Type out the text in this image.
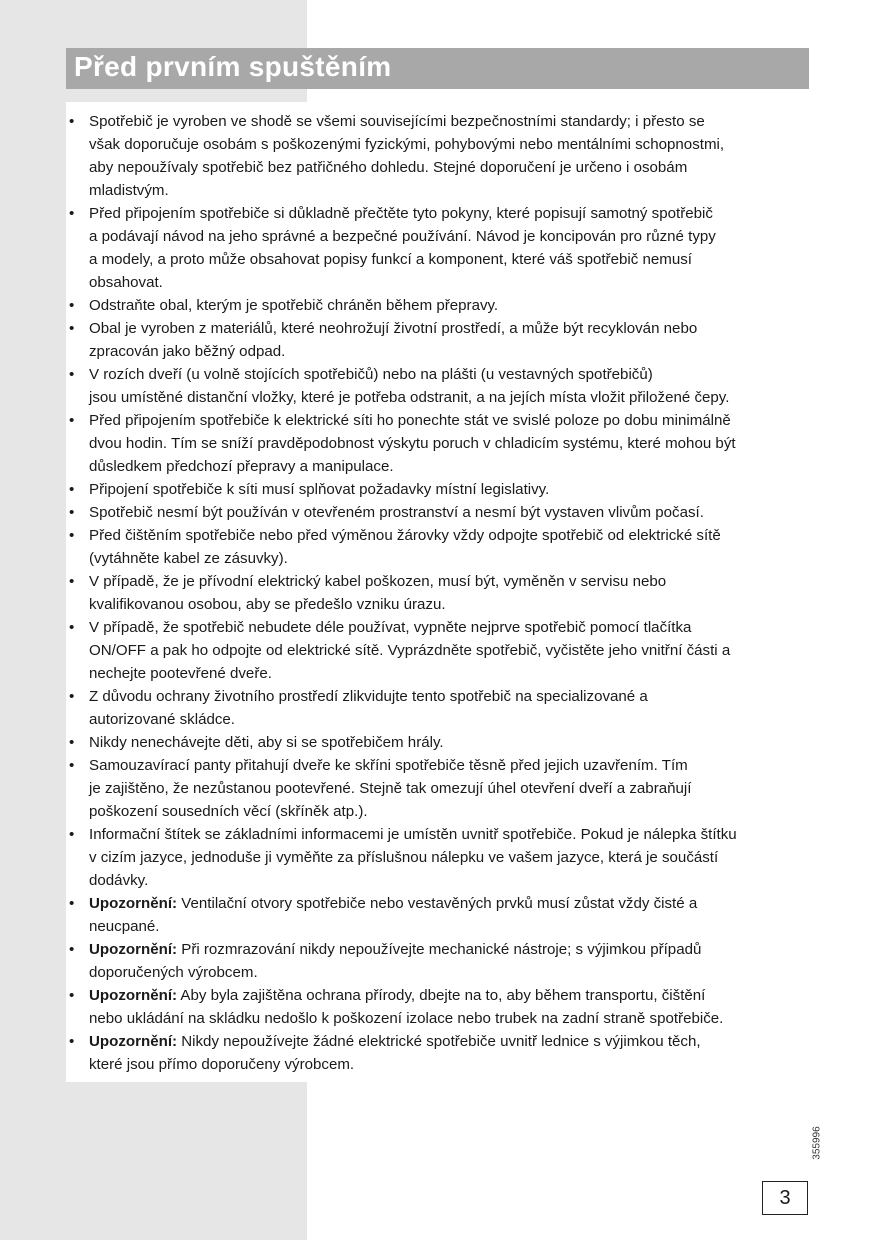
Před prvním spuštěním
• Spotřebič je vyroben ve shodě se všemi souvisejícími bezpečnostními standardy; i přesto se
však doporučuje osobám s poškozenými fyzickými, pohybovými nebo mentálními schopnostmi,
aby nepoužívaly spotřebič bez patřičného dohledu. Stejné doporučení je určeno i osobám
mladistvým.
• Před připojením spotřebiče si důkladně přečtěte tyto pokyny, které popisují samotný spotřebič
a podávají návod na jeho správné a bezpečné používání. Návod je koncipován pro různé typy
a modely, a proto může obsahovat popisy funkcí a komponent, které váš spotřebič nemusí
obsahovat.
• Odstraňte obal, kterým je spotřebič chráněn během přepravy.
• Obal je vyroben z materiálů, které neohrožují životní prostředí, a může být recyklován nebo
zpracován jako běžný odpad.
• V rozích dveří (u volně stojících spotřebičů) nebo na plášti (u vestavných spotřebičů)
jsou umístěné distanční vložky, které je potřeba odstranit, a na jejích místa vložit přiložené čepy.
• Před připojením spotřebiče k elektrické síti ho ponechte stát ve svislé poloze po dobu minimálně
dvou hodin. Tím se sníží pravděpodobnost výskytu poruch v chladicím systému, které mohou být
důsledkem předchozí přepravy a manipulace.
• Připojení spotřebiče k síti musí splňovat požadavky místní legislativy.
• Spotřebič nesmí být používán v otevřeném prostranství a nesmí být vystaven vlivům počasí.
• Před čištěním spotřebiče nebo před výměnou žárovky vždy odpojte spotřebič od elektrické sítě
(vytáhněte kabel ze zásuvky).
• V případě, že je přívodní elektrický kabel poškozen, musí být, vyměněn v servisu nebo
kvalifikovanou osobou, aby se předešlo vzniku úrazu.
• V případě, že spotřebič nebudete déle používat, vypněte nejprve spotřebič pomocí tlačítka
ON/OFF a pak ho odpojte od elektrické sítě. Vyprázdněte spotřebič, vyčistěte jeho vnitřní části a
nechejte pootevřené dveře.
• Z důvodu ochrany životního prostředí zlikvidujte tento spotřebič na specializované a
autorizované skládce.
• Nikdy nenechávejte děti, aby si se spotřebičem hrály.
• Samouzavírací panty přitahují dveře ke skříni spotřebiče těsně před jejich uzavřením. Tím
je zajištěno, že nezůstanou pootevřené. Stejně tak omezují úhel otevření dveří a zabraňují
poškození sousedních věcí (skříněk atp.).
• Informační štítek se základními informacemi je umístěn uvnitř spotřebiče. Pokud je nálepka štítku
v cizím jazyce, jednoduše ji vyměňte za příslušnou nálepku ve vašem jazyce, která je součástí
dodávky.
• Upozornění: Ventilační otvory spotřebiče nebo vestavěných prvků musí zůstat vždy čisté a
neucpané.
• Upozornění: Při rozmrazování nikdy nepoužívejte mechanické nástroje; s výjimkou případů
doporučených výrobcem.
• Upozornění: Aby byla zajištěna ochrana přírody, dbejte na to, aby během transportu, čištění
nebo ukládání na skládku nedošlo k poškození izolace nebo trubek na zadní straně spotřebiče.
• Upozornění: Nikdy nepoužívejte žádné elektrické spotřebiče uvnitř lednice s výjimkou těch,
které jsou přímo doporučeny výrobcem.
355996
3
